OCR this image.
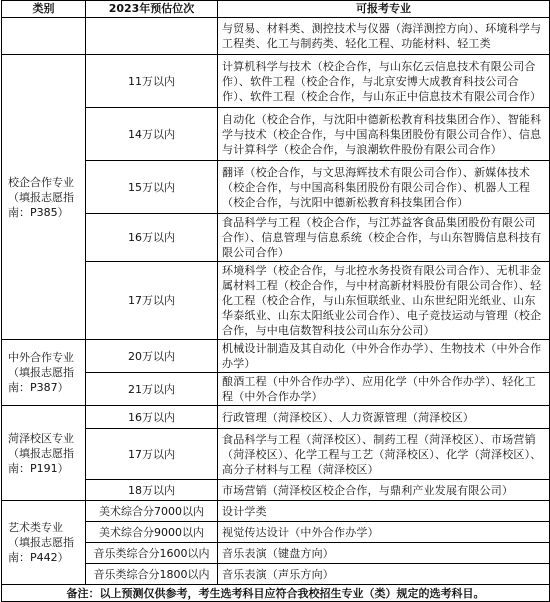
类别	2023年预估位次	可报考专业
		与贸易、材料类、测控技术与仪器（海洋测控方向）、环境科学与工程类、化工与制药类、轻化工程、功能材料、轻工类
校企合作专业（填报志愿指南：P385）	11万以内	计算机科学与技术（校企合作，与山东亿云信息技术有限公司合作）、软件工程（校企合作，与北京安博大成教育科技公司合作）、软件工程（校企合作，与山东正中信息技术有限公司合作）
	14万以内	自动化（校企合作，与沈阳中德新松教育科技集团合作）、智能科学与技术（校企合作，与中国高科集团股份有限公司合作）、信息与计算科学（校企合作，与浪潮软件股份有限公司合作）
	15万以内	翻译（校企合作，与文思海辉技术有限公司合作）、新媒体技术（校企合作，与中国高科集团股份有限公司合作）、机器人工程（校企合作，与沈阳中德新松教育科技集团合作）
	16万以内	食品科学与工程（校企合作，与江苏益客食品集团股份有限公司合作）、信息管理与信息系统（校企合作，与山东智腾信息科技有限公司合作）
	17万以内	环境科学（校企合作，与北控水务投资有限公司合作）、无机非金属材料工程（校企合作，与中材高新材料股份有限公司合作）、轻化工程（校企合作，与山东恒联纸业、山东世纪阳光纸业、山东华泰纸业、山东太阳纸业公司合作）、电子竞技运动与管理（校企合作，与中电信数智科技公司山东分公司）
中外合作专业（填报志愿指南：P387）	20万以内	机械设计制造及其自动化（中外合作办学）、生物技术（中外合作办学）
	21万以内	酿酒工程（中外合作办学）、应用化学（中外合作办学）、轻化工程（中外合作办学）
菏泽校区专业（填报志愿指南：P191）	16万以内	行政管理（菏泽校区）、人力资源管理（菏泽校区）
	17万以内	食品科学与工程（菏泽校区）、制药工程（菏泽校区）、市场营销（菏泽校区）、化学工程与工艺（菏泽校区）、化学（菏泽校区）、高分子材料与工程（菏泽校区）
	18万以内	市场营销（菏泽校区校企合作，与鼎利产业发展有限公司）
艺术类专业（填报志愿指南：P442）	美术综合分7000以内	设计学类
	美术综合分9000以内	视觉传达设计（中外合作办学）
	音乐类综合分1600以内	音乐表演（键盘方向）
	音乐类综合分1800以内	音乐表演（声乐方向）
备注：以上预测仅供参考，考生选考科目应符合我校招生专业（类）规定的选考科目。		
